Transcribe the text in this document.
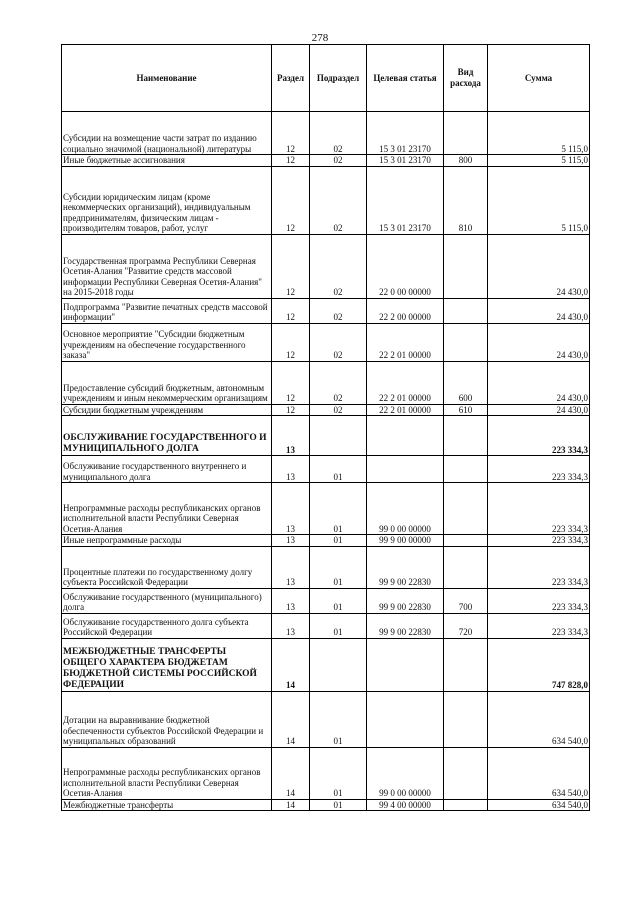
278
Наименование	Раздел	Подраздел	Целевая статья	Вид расхода	Сумма
Субсидии на возмещение части затрат по изданию социально значимой (национальной) литературы	12	02	15 3 01 23170		5 115,0
Иные бюджетные ассигнования	12	02	15 3 01 23170	800	5 115,0
Субсидии юридическим лицам (кроме некоммерческих организаций), индивидуальным предпринимателям, физическим лицам - производителям товаров, работ, услуг	12	02	15 3 01 23170	810	5 115,0
Государственная программа Республики Северная Осетия-Алания "Развитие средств массовой информации Республики Северная Осетия-Алания" на 2015-2018 годы	12	02	22 0 00 00000		24 430,0
Подпрограмма "Развитие печатных средств массовой информации"	12	02	22 2 00 00000		24 430,0
Основное мероприятие "Субсидии бюджетным учреждениям на обеспечение государственного заказа"	12	02	22 2 01 00000		24 430,0
Предоставление субсидий бюджетным, автономным учреждениям и иным некоммерческим организациям	12	02	22 2 01 00000	600	24 430,0
Субсидии бюджетным учреждениям	12	02	22 2 01 00000	610	24 430,0
ОБСЛУЖИВАНИЕ ГОСУДАРСТВЕННОГО И МУНИЦИПАЛЬНОГО ДОЛГА	13				223 334,3
Обслуживание государственного внутреннего и муниципального долга	13	01			223 334,3
Непрограммные расходы республиканских органов исполнительной власти Республики Северная Осетия-Алания	13	01	99 0 00 00000		223 334,3
Иные непрограммные расходы	13	01	99 9 00 00000		223 334,3
Процентные платежи по государственному долгу субъекта Российской Федерации	13	01	99 9 00 22830		223 334,3
Обслуживание государственного (муниципального) долга	13	01	99 9 00 22830	700	223 334,3
Обслуживание государственного долга субъекта Российской Федерации	13	01	99 9 00 22830	720	223 334,3
МЕЖБЮДЖЕТНЫЕ ТРАНСФЕРТЫ ОБЩЕГО ХАРАКТЕРА БЮДЖЕТАМ БЮДЖЕТНОЙ СИСТЕМЫ РОССИЙСКОЙ ФЕДЕРАЦИИ	14				747 828,0
Дотации на выравнивание бюджетной обеспеченности субъектов Российской Федерации и муниципальных образований	14	01			634 540,0
Непрограммные расходы республиканских органов исполнительной власти Республики Северная Осетия-Алания	14	01	99 0 00 00000		634 540,0
Межбюджетные трансферты	14	01	99 4 00 00000		634 540,0
